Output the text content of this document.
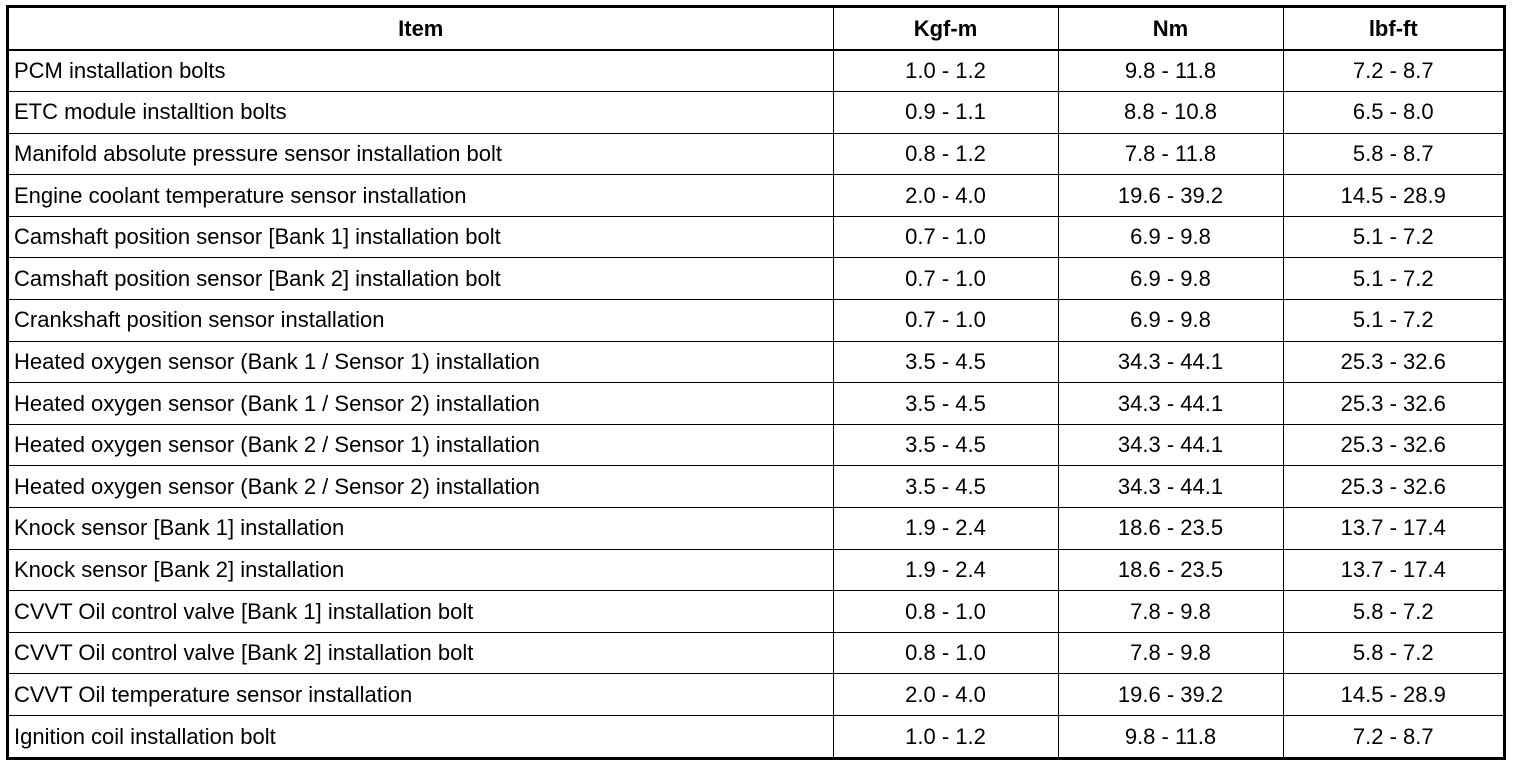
Item	Kgf-m	Nm	lbf-ft
PCM installation bolts	1.0 - 1.2	9.8 - 11.8	7.2 - 8.7
ETC module installtion bolts	0.9 - 1.1	8.8 - 10.8	6.5 - 8.0
Manifold absolute pressure sensor installation bolt	0.8 - 1.2	7.8 - 11.8	5.8 - 8.7
Engine coolant temperature sensor installation	2.0 - 4.0	19.6 - 39.2	14.5 - 28.9
Camshaft position sensor [Bank 1] installation bolt	0.7 - 1.0	6.9 - 9.8	5.1 - 7.2
Camshaft position sensor [Bank 2] installation bolt	0.7 - 1.0	6.9 - 9.8	5.1 - 7.2
Crankshaft position sensor installation	0.7 - 1.0	6.9 - 9.8	5.1 - 7.2
Heated oxygen sensor (Bank 1 / Sensor 1) installation	3.5 - 4.5	34.3 - 44.1	25.3 - 32.6
Heated oxygen sensor (Bank 1 / Sensor 2) installation	3.5 - 4.5	34.3 - 44.1	25.3 - 32.6
Heated oxygen sensor (Bank 2 / Sensor 1) installation	3.5 - 4.5	34.3 - 44.1	25.3 - 32.6
Heated oxygen sensor (Bank 2 / Sensor 2) installation	3.5 - 4.5	34.3 - 44.1	25.3 - 32.6
Knock sensor [Bank 1] installation	1.9 - 2.4	18.6 - 23.5	13.7 - 17.4
Knock sensor [Bank 2] installation	1.9 - 2.4	18.6 - 23.5	13.7 - 17.4
CVVT Oil control valve [Bank 1] installation bolt	0.8 - 1.0	7.8 - 9.8	5.8 - 7.2
CVVT Oil control valve [Bank 2] installation bolt	0.8 - 1.0	7.8 - 9.8	5.8 - 7.2
CVVT Oil temperature sensor installation	2.0 - 4.0	19.6 - 39.2	14.5 - 28.9
Ignition coil installation bolt	1.0 - 1.2	9.8 - 11.8	7.2 - 8.7
